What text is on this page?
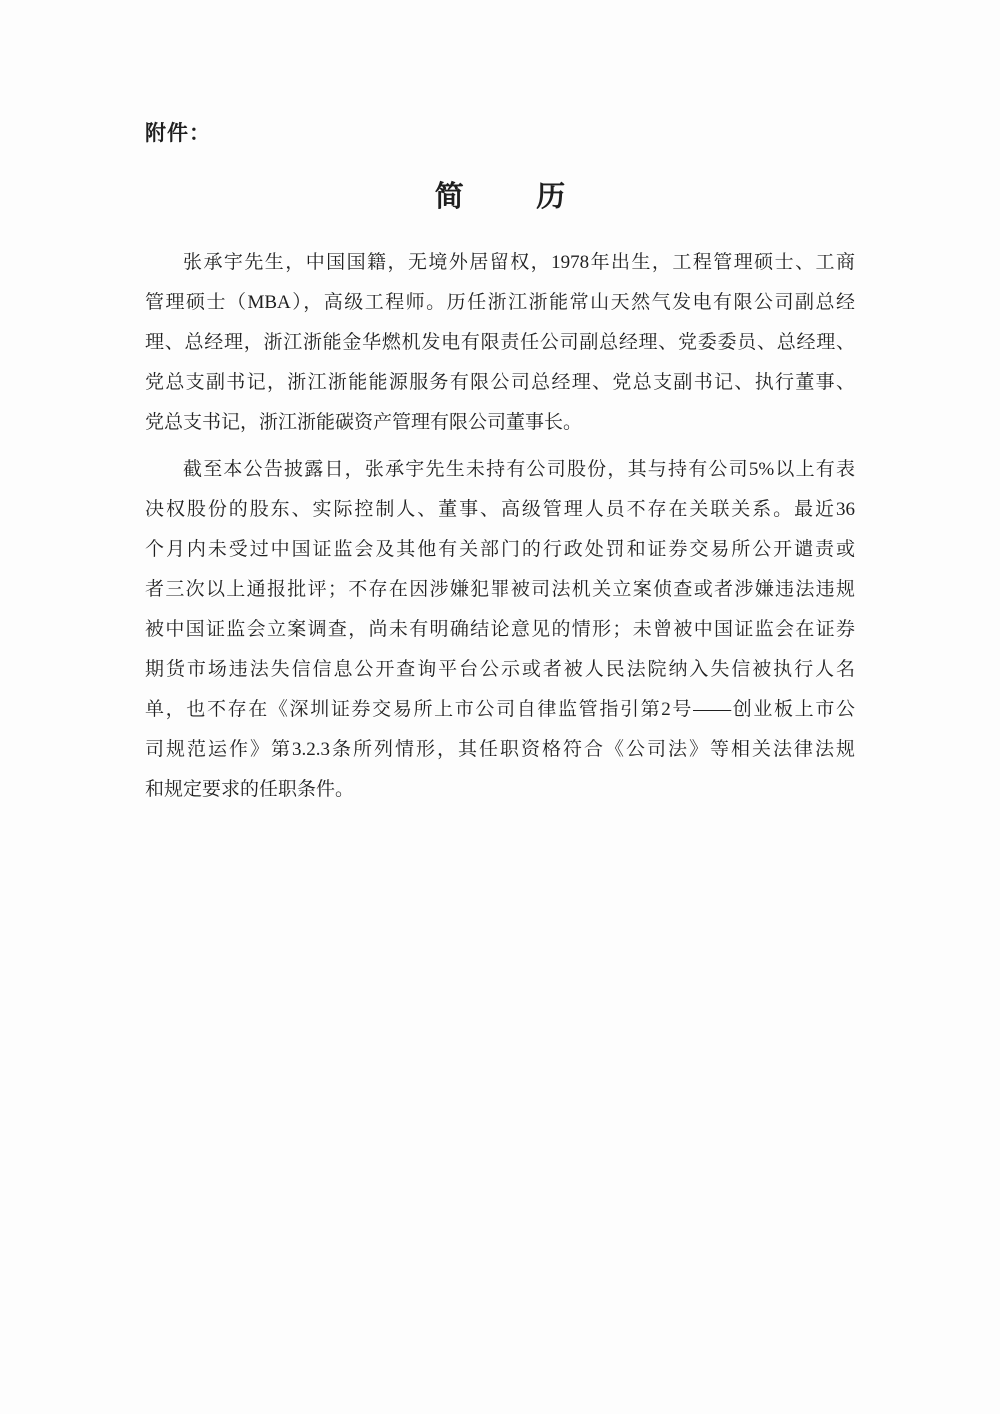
附件：
简　历
张承宇先生，中国国籍，无境外居留权，1978年出生，工程管理硕士、工商
管理硕士（MBA），高级工程师。历任浙江浙能常山天然气发电有限公司副总经
理、总经理，浙江浙能金华燃机发电有限责任公司副总经理、党委委员、总经理、
党总支副书记，浙江浙能能源服务有限公司总经理、党总支副书记、执行董事、
党总支书记，浙江浙能碳资产管理有限公司董事长。
截至本公告披露日，张承宇先生未持有公司股份，其与持有公司5%以上有表
决权股份的股东、实际控制人、董事、高级管理人员不存在关联关系。最近36
个月内未受过中国证监会及其他有关部门的行政处罚和证券交易所公开谴责或
者三次以上通报批评；不存在因涉嫌犯罪被司法机关立案侦查或者涉嫌违法违规
被中国证监会立案调查，尚未有明确结论意见的情形；未曾被中国证监会在证券
期货市场违法失信信息公开查询平台公示或者被人民法院纳入失信被执行人名
单，也不存在《深圳证券交易所上市公司自律监管指引第2号——创业板上市公
司规范运作》第3.2.3条所列情形，其任职资格符合《公司法》等相关法律法规
和规定要求的任职条件。
